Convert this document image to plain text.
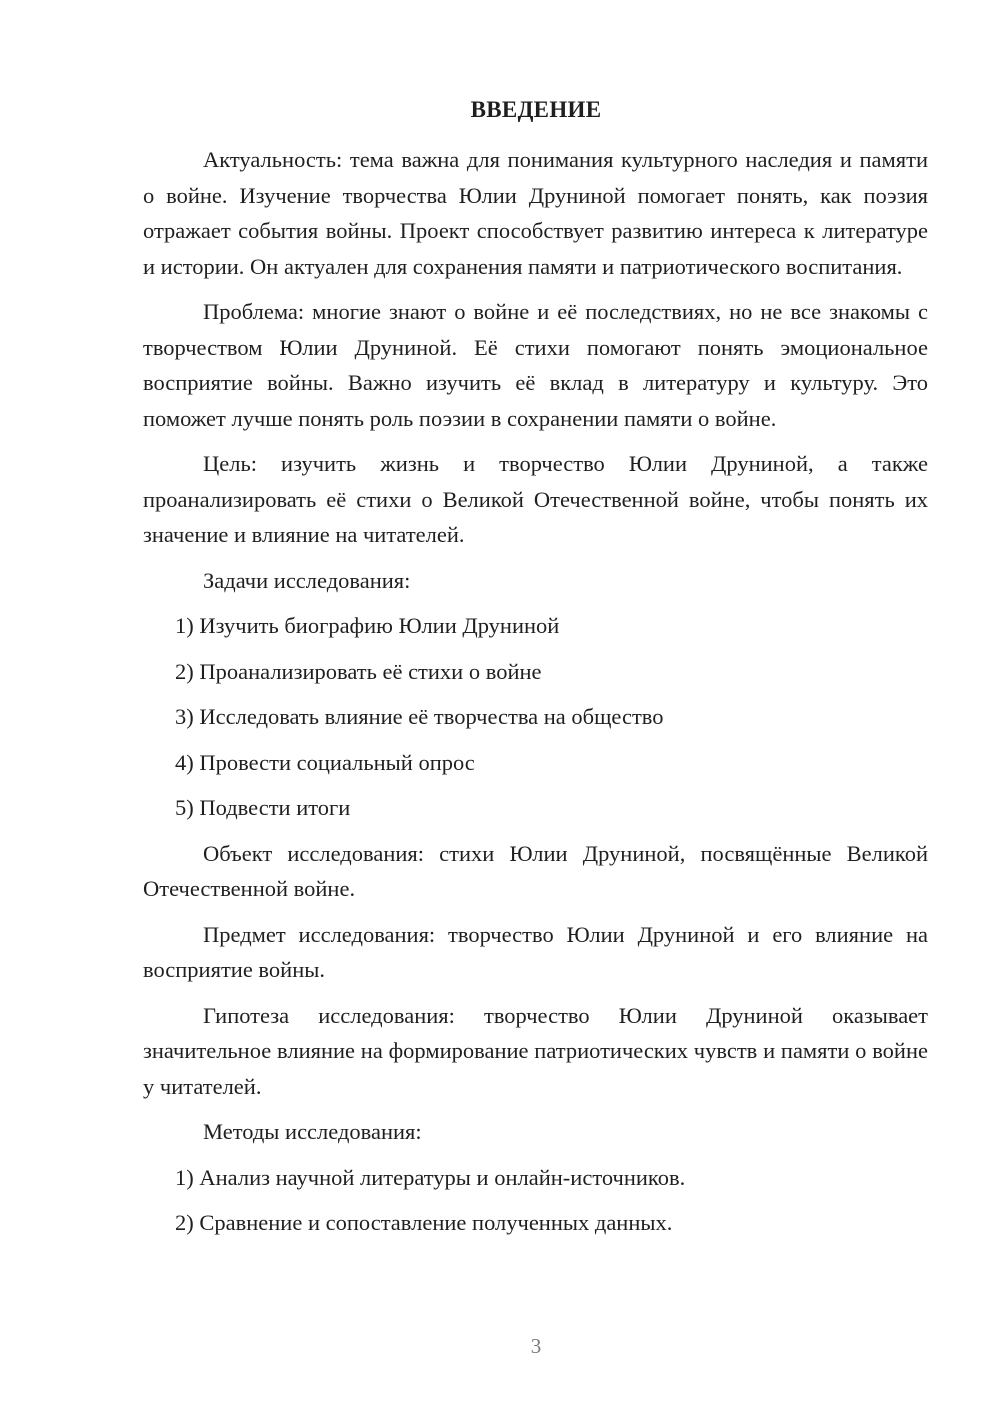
ВВЕДЕНИЕ

Актуальность: тема важна для понимания культурного наследия и памяти о войне. Изучение творчества Юлии Друниной помогает понять, как поэзия отражает события войны. Проект способствует развитию интереса к литературе и истории. Он актуален для сохранения памяти и патриотического воспитания.

Проблема: многие знают о войне и её последствиях, но не все знакомы с творчеством Юлии Друниной. Её стихи помогают понять эмоциональное восприятие войны. Важно изучить её вклад в литературу и культуру. Это поможет лучше понять роль поэзии в сохранении памяти о войне.

Цель: изучить жизнь и творчество Юлии Друниной, а также проанализировать её стихи о Великой Отечественной войне, чтобы понять их значение и влияние на читателей.

Задачи исследования:

1) Изучить биографию Юлии Друниной

2) Проанализировать её стихи о войне

3) Исследовать влияние её творчества на общество

4) Провести социальный опрос

5) Подвести итоги

Объект исследования: стихи Юлии Друниной, посвящённые Великой Отечественной войне.

Предмет исследования: творчество Юлии Друниной и его влияние на восприятие войны.

Гипотеза исследования: творчество Юлии Друниной оказывает значительное влияние на формирование патриотических чувств и памяти о войне у читателей.

Методы исследования:

1) Анализ научной литературы и онлайн-источников.

2) Сравнение и сопоставление полученных данных.

3
